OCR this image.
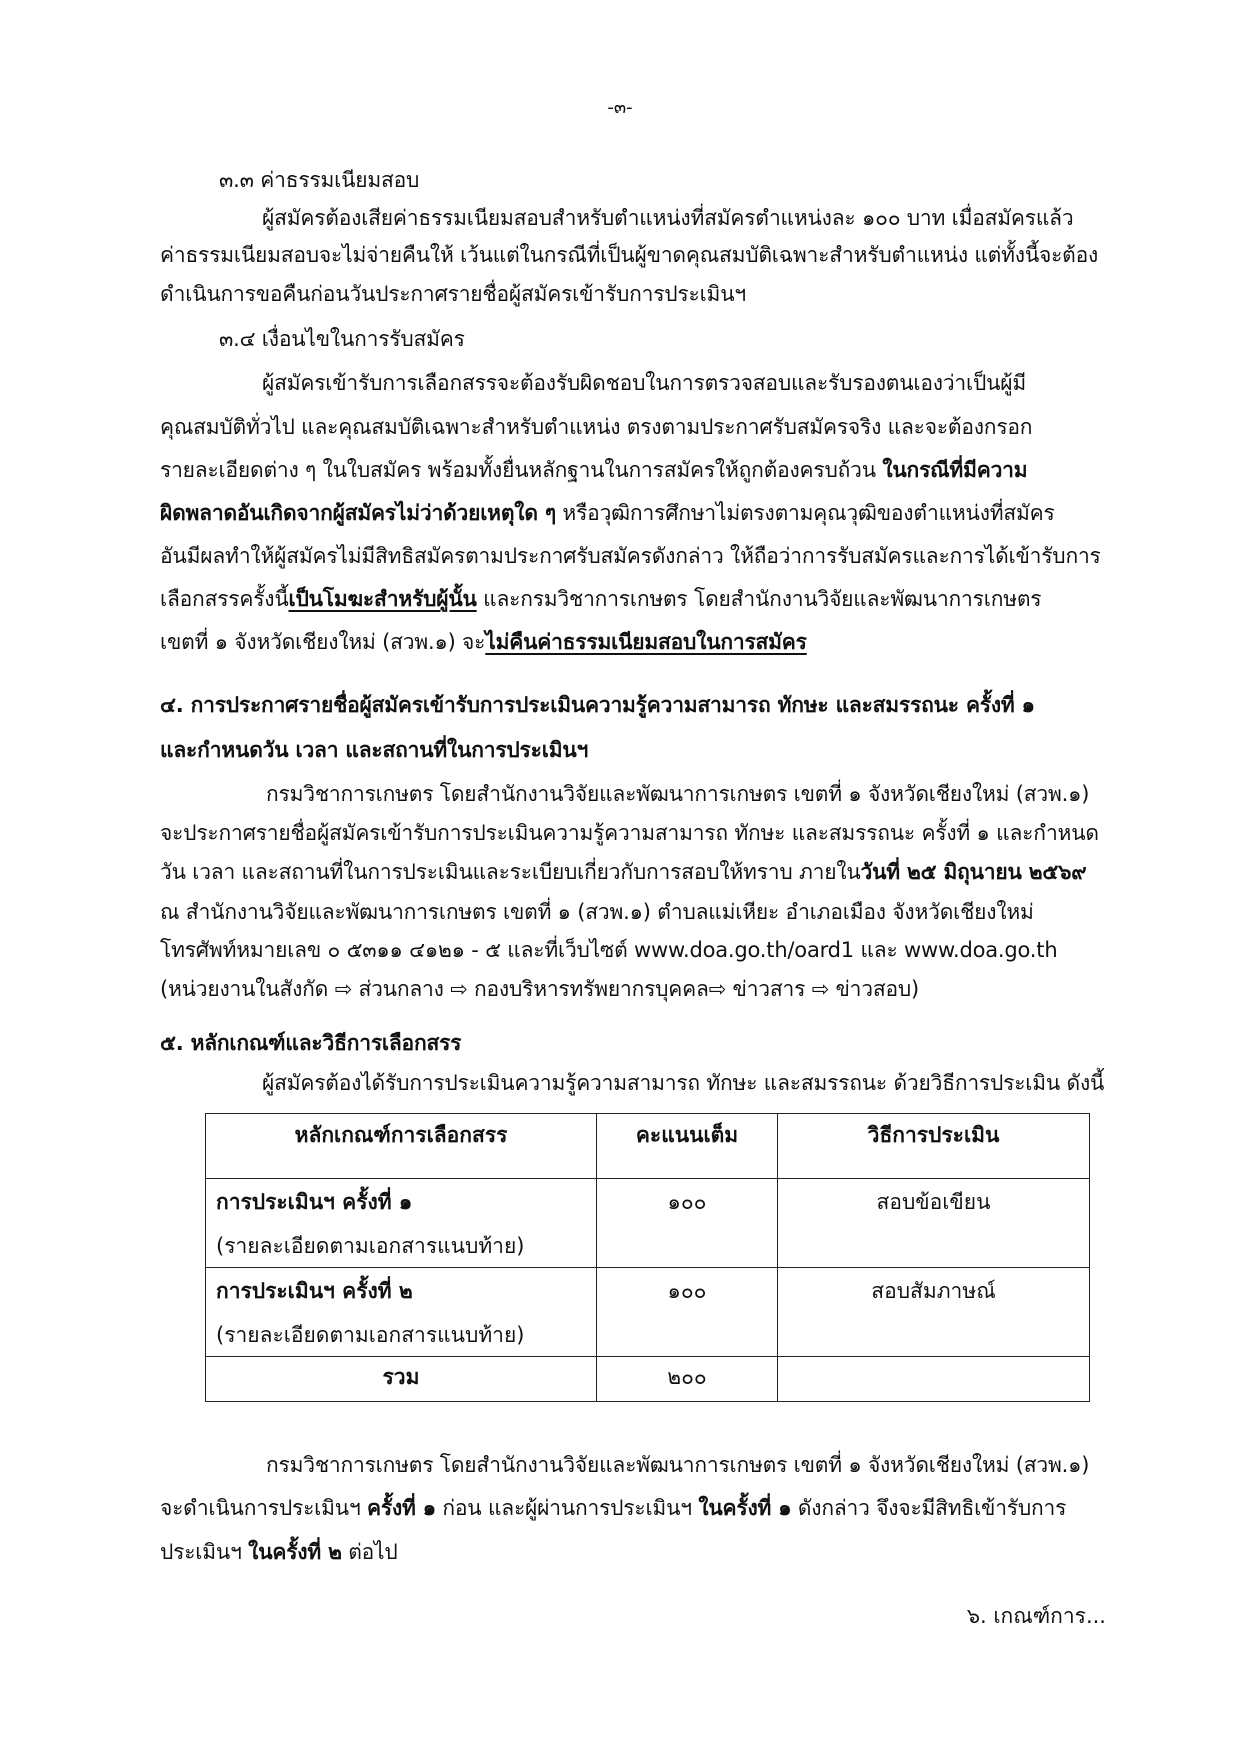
-๓-
๓.๓ ค่าธรรมเนียมสอบ
ผู้สมัครต้องเสียค่าธรรมเนียมสอบสำหรับตำแหน่งที่สมัครตำแหน่งละ ๑๐๐ บาท เมื่อสมัครแล้ว
ค่าธรรมเนียมสอบจะไม่จ่ายคืนให้ เว้นแต่ในกรณีที่เป็นผู้ขาดคุณสมบัติเฉพาะสำหรับตำแหน่ง แต่ทั้งนี้จะต้อง
ดำเนินการขอคืนก่อนวันประกาศรายชื่อผู้สมัครเข้ารับการประเมินฯ
๓.๔ เงื่อนไขในการรับสมัคร
ผู้สมัครเข้ารับการเลือกสรรจะต้องรับผิดชอบในการตรวจสอบและรับรองตนเองว่าเป็นผู้มี
คุณสมบัติทั่วไป และคุณสมบัติเฉพาะสำหรับตำแหน่ง ตรงตามประกาศรับสมัครจริง และจะต้องกรอก
รายละเอียดต่าง ๆ ในใบสมัคร พร้อมทั้งยื่นหลักฐานในการสมัครให้ถูกต้องครบถ้วน ในกรณีที่มีความ
ผิดพลาดอันเกิดจากผู้สมัครไม่ว่าด้วยเหตุใด ๆ หรือวุฒิการศึกษาไม่ตรงตามคุณวุฒิของตำแหน่งที่สมัคร
อันมีผลทำให้ผู้สมัครไม่มีสิทธิสมัครตามประกาศรับสมัครดังกล่าว ให้ถือว่าการรับสมัครและการได้เข้ารับการ
เลือกสรรครั้งนี้เป็นโมฆะสำหรับผู้นั้น และกรมวิชาการเกษตร โดยสำนักงานวิจัยและพัฒนาการเกษตร
เขตที่ ๑ จังหวัดเชียงใหม่ (สวพ.๑) จะไม่คืนค่าธรรมเนียมสอบในการสมัคร
๔. การประกาศรายชื่อผู้สมัครเข้ารับการประเมินความรู้ความสามารถ ทักษะ และสมรรถนะ ครั้งที่ ๑
และกำหนดวัน เวลา และสถานที่ในการประเมินฯ
กรมวิชาการเกษตร โดยสำนักงานวิจัยและพัฒนาการเกษตร เขตที่ ๑ จังหวัดเชียงใหม่ (สวพ.๑)
จะประกาศรายชื่อผู้สมัครเข้ารับการประเมินความรู้ความสามารถ ทักษะ และสมรรถนะ ครั้งที่ ๑ และกำหนด
วัน เวลา และสถานที่ในการประเมินและระเบียบเกี่ยวกับการสอบให้ทราบ ภายในวันที่ ๒๕ มิถุนายน ๒๕๖๙
ณ สำนักงานวิจัยและพัฒนาการเกษตร เขตที่ ๑ (สวพ.๑) ตำบลแม่เหียะ อำเภอเมือง จังหวัดเชียงใหม่
โทรศัพท์หมายเลข ๐ ๕๓๑๑ ๔๑๒๑ - ๕ และที่เว็บไซต์ www.doa.go.th/oard1 และ www.doa.go.th
(หน่วยงานในสังกัด ⇨ ส่วนกลาง ⇨ กองบริหารทรัพยากรบุคคล⇨ ข่าวสาร ⇨ ข่าวสอบ)
๕. หลักเกณฑ์และวิธีการเลือกสรร
ผู้สมัครต้องได้รับการประเมินความรู้ความสามารถ ทักษะ และสมรรถนะ ด้วยวิธีการประเมิน ดังนี้
หลักเกณฑ์การเลือกสรร	คะแนนเต็ม	วิธีการประเมิน

การประเมินฯ ครั้งที่ ๑
(รายละเอียดตามเอกสารแนบท้าย)	๑๐๐	สอบข้อเขียน

การประเมินฯ ครั้งที่ ๒
(รายละเอียดตามเอกสารแนบท้าย)	๑๐๐	สอบสัมภาษณ์

รวม	๒๐๐	
กรมวิชาการเกษตร โดยสำนักงานวิจัยและพัฒนาการเกษตร เขตที่ ๑ จังหวัดเชียงใหม่ (สวพ.๑)
จะดำเนินการประเมินฯ ครั้งที่ ๑ ก่อน และผู้ผ่านการประเมินฯ ในครั้งที่ ๑ ดังกล่าว จึงจะมีสิทธิเข้ารับการ
ประเมินฯ ในครั้งที่ ๒ ต่อไป
๖. เกณฑ์การ...
